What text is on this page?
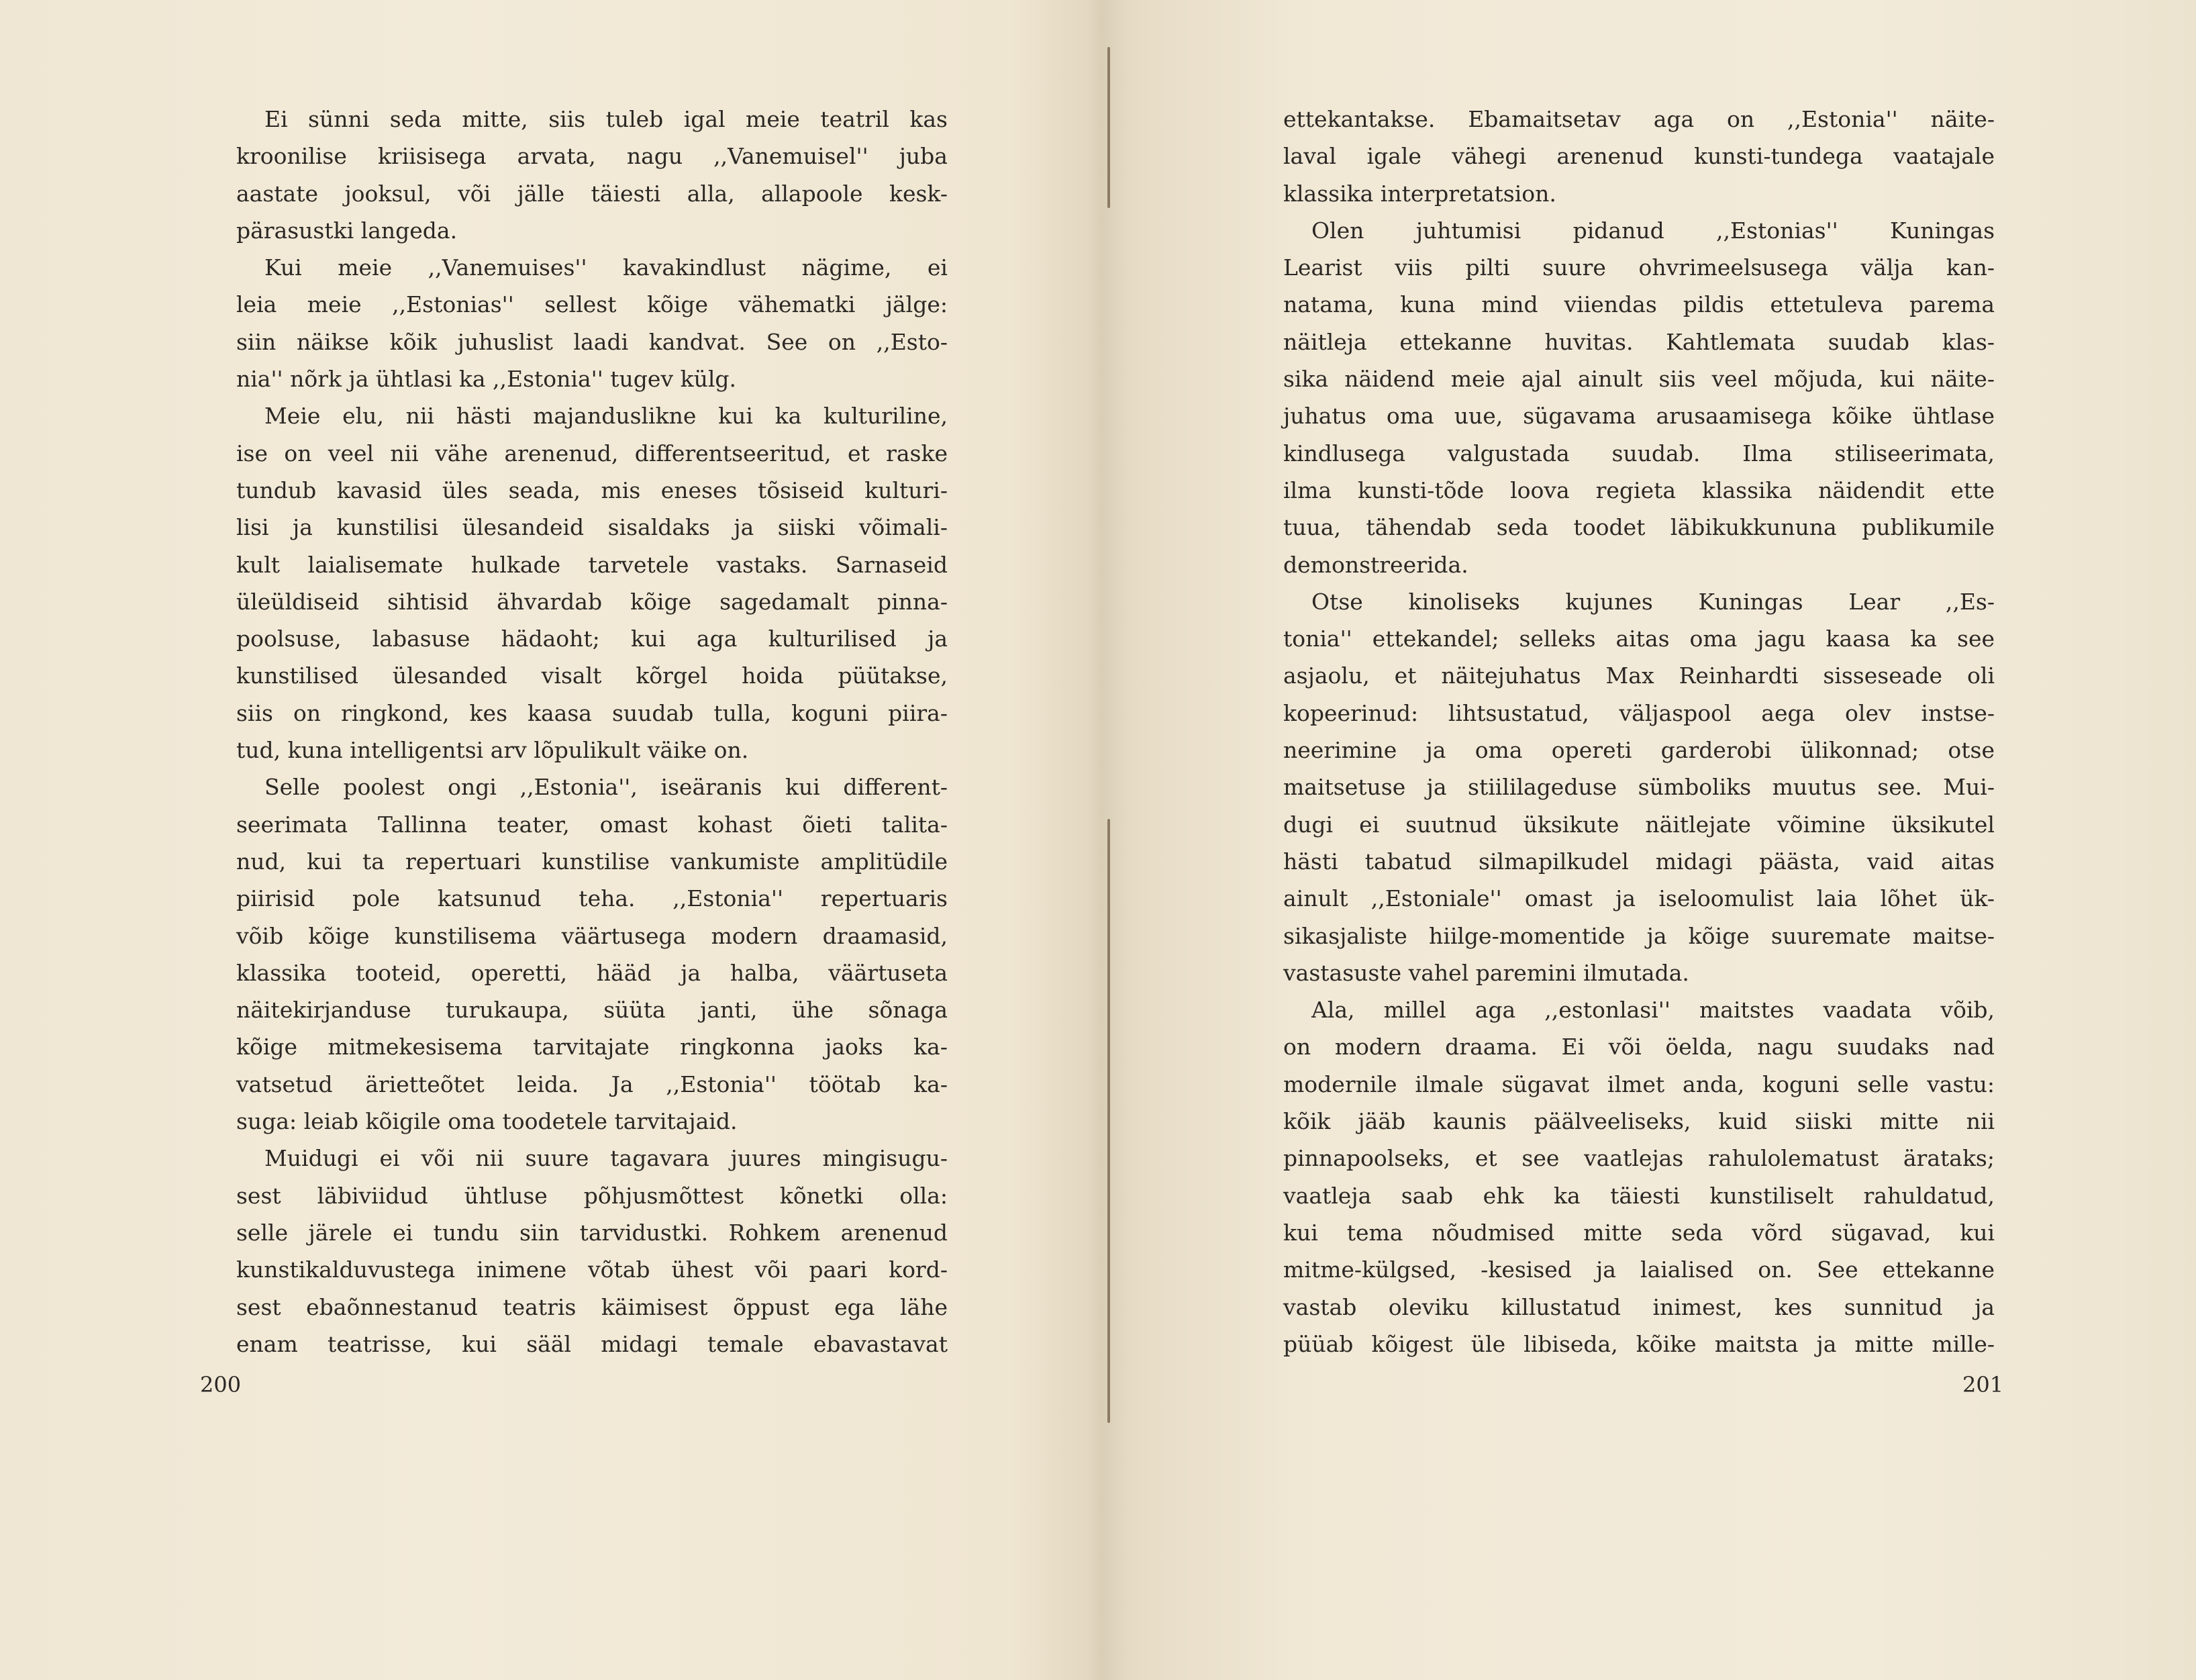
Ei sünni seda mitte, siis tuleb igal meie teatril kas

kroonilise kriisisega arvata, nagu ,,Vanemuisel'' juba

aastate jooksul, või jälle täiesti alla, allapoole kesk-

pärasustki langeda.

Kui meie ,,Vanemuises'' kavakindlust nägime, ei

leia meie ,,Estonias'' sellest kõige vähematki jälge:

siin näikse kõik juhuslist laadi kandvat. See on ,,Esto-

nia'' nõrk ja ühtlasi ka ,,Estonia'' tugev külg.

Meie elu, nii hästi majanduslikne kui ka kulturiline,

ise on veel nii vähe arenenud, differentseeritud, et raske

tundub kavasid üles seada, mis eneses tõsiseid kulturi-

lisi ja kunstilisi ülesandeid sisaldaks ja siiski võimali-

kult laialisemate hulkade tarvetele vastaks. Sarnaseid

üleüldiseid sihtisid ähvardab kõige sagedamalt pinna-

poolsuse, labasuse hädaoht; kui aga kulturilised ja

kunstilised ülesanded visalt kõrgel hoida püütakse,

siis on ringkond, kes kaasa suudab tulla, koguni piira-

tud, kuna intelligentsi arv lõpulikult väike on.

Selle poolest ongi ,,Estonia'', iseäranis kui different-

seerimata Tallinna teater, omast kohast õieti talita-

nud, kui ta repertuari kunstilise vankumiste amplitüdile

piirisid pole katsunud teha. ,,Estonia'' repertuaris

võib kõige kunstilisema väärtusega modern draamasid,

klassika tooteid, operetti, hääd ja halba, väärtuseta

näitekirjanduse turukaupa, süüta janti, ühe sõnaga

kõige mitmekesisema tarvitajate ringkonna jaoks ka-

vatsetud ärietteõtet leida. Ja ,,Estonia'' töötab ka-

suga: leiab kõigile oma toodetele tarvitajaid.

Muidugi ei või nii suure tagavara juures mingisugu-

sest läbiviidud ühtluse põhjusmõttest kõnetki olla:

selle järele ei tundu siin tarvidustki. Rohkem arenenud

kunstikalduvustega inimene võtab ühest või paari kord-

sest ebaõnnestanud teatris käimisest õppust ega lähe

enam teatrisse, kui sääl midagi temale ebavastavat

200

ettekantakse. Ebamaitsetav aga on ,,Estonia'' näite-

laval igale vähegi arenenud kunsti-tundega vaatajale

klassika interpretatsion.

Olen juhtumisi pidanud ,,Estonias'' Kuningas

Learist viis pilti suure ohvrimeelsusega välja kan-

natama, kuna mind viiendas pildis ettetuleva parema

näitleja ettekanne huvitas. Kahtlemata suudab klas-

sika näidend meie ajal ainult siis veel mõjuda, kui näite-

juhatus oma uue, sügavama arusaamisega kõike ühtlase

kindlusega valgustada suudab. Ilma stiliseerimata,

ilma kunsti-tõde loova regieta klassika näidendit ette

tuua, tähendab seda toodet läbikukkununa publikumile

demonstreerida.

Otse kinoliseks kujunes Kuningas Lear ,,Es-

tonia'' ettekandel; selleks aitas oma jagu kaasa ka see

asjaolu, et näitejuhatus Max Reinhardti sisseseade oli

kopeerinud: lihtsustatud, väljaspool aega olev instse-

neerimine ja oma opereti garderobi ülikonnad; otse

maitsetuse ja stiililageduse sümboliks muutus see. Mui-

dugi ei suutnud üksikute näitlejate võimine üksikutel

hästi tabatud silmapilkudel midagi päästa, vaid aitas

ainult ,,Estoniale'' omast ja iseloomulist laia lõhet ük-

sikasjaliste hiilge-momentide ja kõige suuremate maitse-

vastasuste vahel paremini ilmutada.

Ala, millel aga ,,estonlasi'' maitstes vaadata võib,

on modern draama. Ei või öelda, nagu suudaks nad

modernile ilmale sügavat ilmet anda, koguni selle vastu:

kõik jääb kaunis päälveeliseks, kuid siiski mitte nii

pinnapoolseks, et see vaatlejas rahulolematust ärataks;

vaatleja saab ehk ka täiesti kunstiliselt rahuldatud,

kui tema nõudmised mitte seda võrd sügavad, kui

mitme-külgsed, -kesised ja laialised on. See ettekanne

vastab oleviku killustatud inimest, kes sunnitud ja

püüab kõigest üle libiseda, kõike maitsta ja mitte mille-

201
